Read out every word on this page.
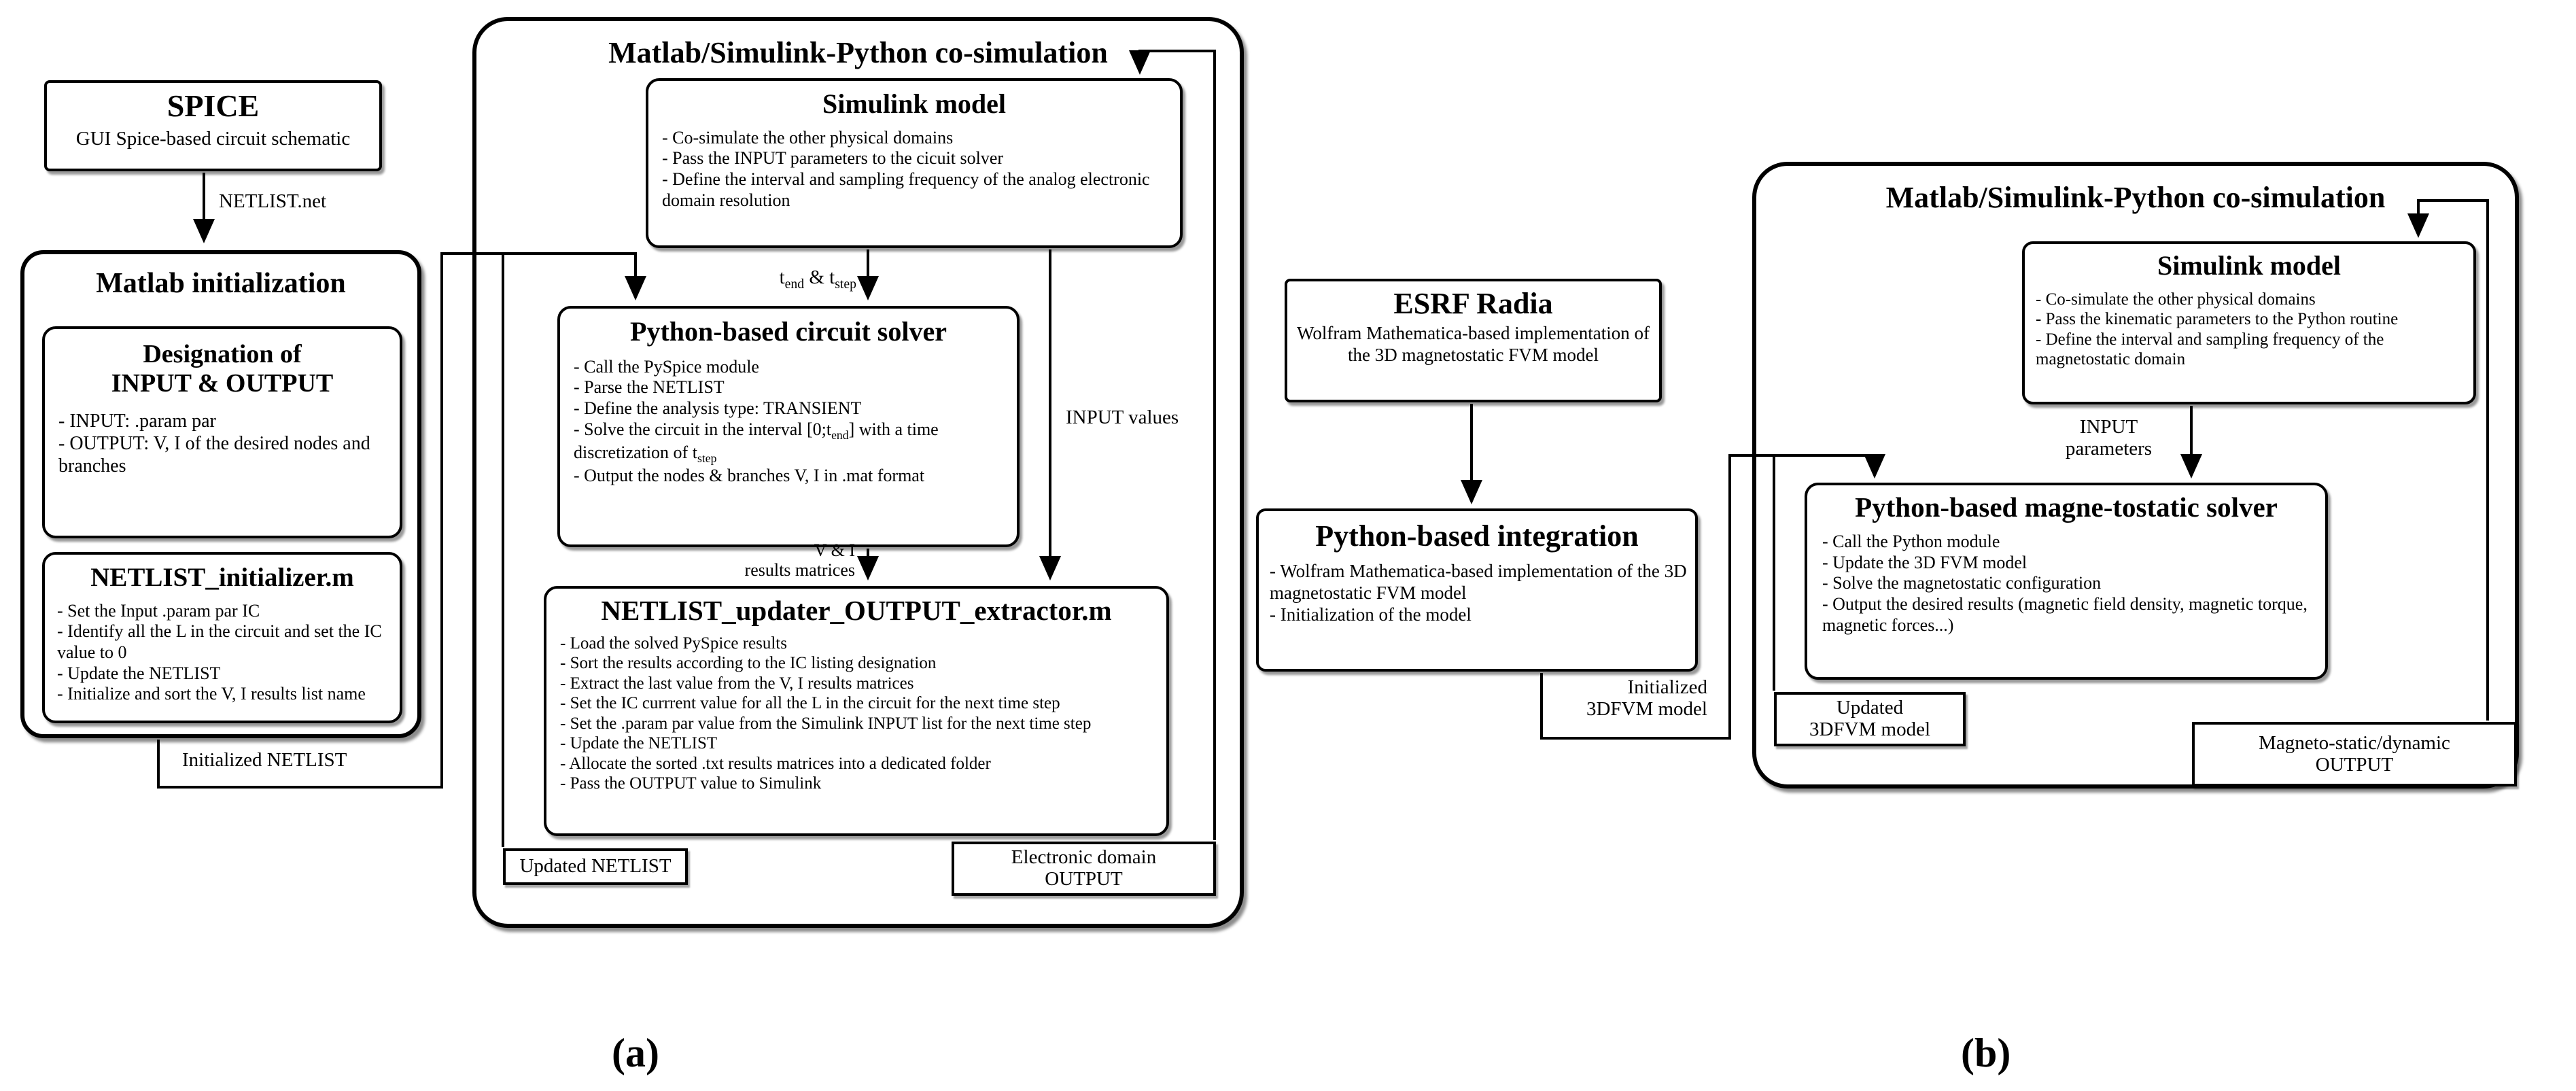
SPICE
GUI Spice-based circuit schematic
NETLIST.net
Matlab initialization
Designation of
INPUT & OUTPUT
- INPUT: .param par
- OUTPUT: V, I of the desired nodes and branches
NETLIST_initializer.m
- Set the Input .param par IC
- Identify all the L in the circuit and set the IC value to 0
- Update the NETLIST
- Initialize and sort the V, I results list name
Initialized NETLIST
Matlab/Simulink-Python co-simulation
Simulink model
- Co-simulate the other physical domains
- Pass the INPUT parameters to the cicuit solver
- Define the interval and sampling frequency of the analog electronic domain resolution
$t_{end}$ & $t_{step}$
Python-based circuit solver
- Call the PySpice module
- Parse the NETLIST
- Define the analysis type: TRANSIENT
- Solve the circuit in the interval $[0;t_{end}]$ with a time discretization of $t_{step}$
- Output the nodes & branches V, I in .mat format
V & I
results matrices
INPUT values
NETLIST_updater_OUTPUT_extractor.m
- Load the solved PySpice results
- Sort the results according to the IC listing designation
- Extract the last value from the V, I results matrices
- Set the IC currrent value for all the L in the circuit for the next time step
- Set the .param par value from the Simulink INPUT list for the next time step
- Update the NETLIST
- Allocate the sorted .txt results matrices into a dedicated folder
- Pass the OUTPUT value to Simulink
Updated NETLIST	Electronic domain
OUTPUT
(a)
ESRF Radia
Wolfram Mathematica-based implementation of the 3D magnetostatic FVM model
Python-based integration
- Wolfram Mathematica-based implementation of the 3D magnetostatic FVM model
- Initialization of the model
Initialized
3DFVM model
Matlab/Simulink-Python co-simulation
Simulink model
- Co-simulate the other physical domains
- Pass the kinematic parameters to the Python routine
- Define the interval and sampling frequency of the magnetostatic domain
INPUT
parameters
Python-based magne-tostatic solver
- Call the Python module
- Update the 3D FVM model
- Solve the magnetostatic configuration
- Output the desired results (magnetic field density, magnetic torque, magnetic forces...)
Updated
3DFVM model
Magneto-static/dynamic
OUTPUT
(b)
